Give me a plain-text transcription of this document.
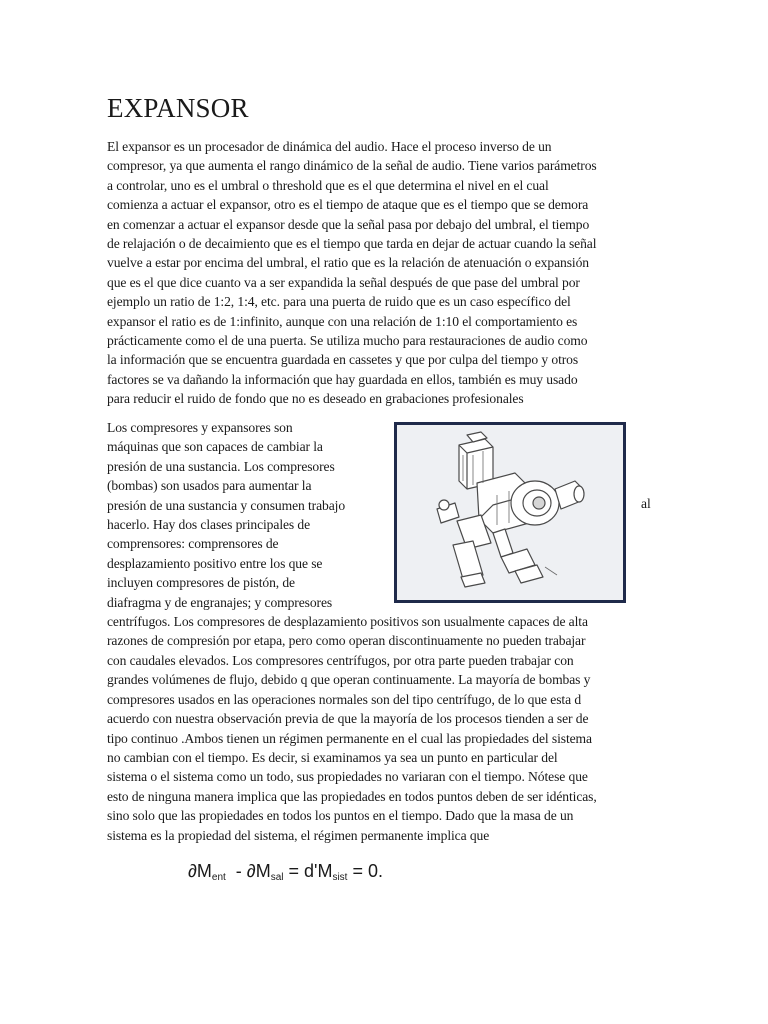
EXPANSOR
El expansor es un procesador de dinámica del audio. Hace el proceso inverso de un
compresor, ya que aumenta el rango dinámico de la señal de audio. Tiene varios parámetros
a controlar, uno es el umbral o threshold que es el que determina el nivel en el cual
comienza a actuar el expansor, otro es el tiempo de ataque que es el tiempo que se demora
en comenzar a actuar el expansor desde que la señal pasa por debajo del umbral, el tiempo
de relajación o de decaimiento que es el tiempo que tarda en dejar de actuar cuando la señal
vuelve a estar por encima del umbral, el ratio que es la relación de atenuación o expansión
que es el que dice cuanto va a ser expandida la señal después de que pase del umbral por
ejemplo un ratio de 1:2, 1:4, etc. para una puerta de ruido que es un caso específico del
expansor el ratio es de 1:infinito, aunque con una relación de 1:10 el comportamiento es
prácticamente como el de una puerta. Se utiliza mucho para restauraciones de audio como
la información que se encuentra guardada en cassetes y que por culpa del tiempo y otros
factores se va dañando la información que hay guardada en ellos, también es muy usado
para reducir el ruido de fondo que no es deseado en grabaciones profesionales
Los compresores y expansores son
máquinas que son capaces de cambiar la
presión de una sustancia. Los compresores
(bombas) son usados para aumentar la
presión de una sustancia y consumen trabajo
hacerlo. Hay dos clases principales de
comprensores: comprensores de
desplazamiento positivo entre los que se
incluyen compresores de pistón, de
diafragma y de engranajes; y compresores
centrífugos. Los compresores de desplazamiento positivos son usualmente capaces de alta
razones de compresión por etapa, pero como operan discontinuamente no pueden trabajar
con caudales elevados. Los compresores centrífugos, por otra parte pueden trabajar con
grandes volúmenes de flujo, debido q que operan continuamente. La mayoría de bombas y
compresores usados en las operaciones normales son del tipo centrífugo, de lo que esta d
acuerdo con nuestra observación previa de que la mayoría de los procesos tienden a ser de
tipo continuo .Ambos tienen un régimen permanente en el cual las propiedades del sistema
no cambian con el tiempo. Es decir, si examinamos ya sea un punto en particular del
sistema o el sistema como un todo, sus propiedades no variaran con el tiempo. Nótese que
esto de ninguna manera implica que las propiedades en todos puntos deben de ser idénticas,
sino solo que las propiedades en todos los puntos en el tiempo. Dado que la masa de un
sistema es la propiedad del sistema, el régimen permanente implica que
al
$\partial M_{ent} - \partial M_{sal} = d'M_{sist} = 0$.
